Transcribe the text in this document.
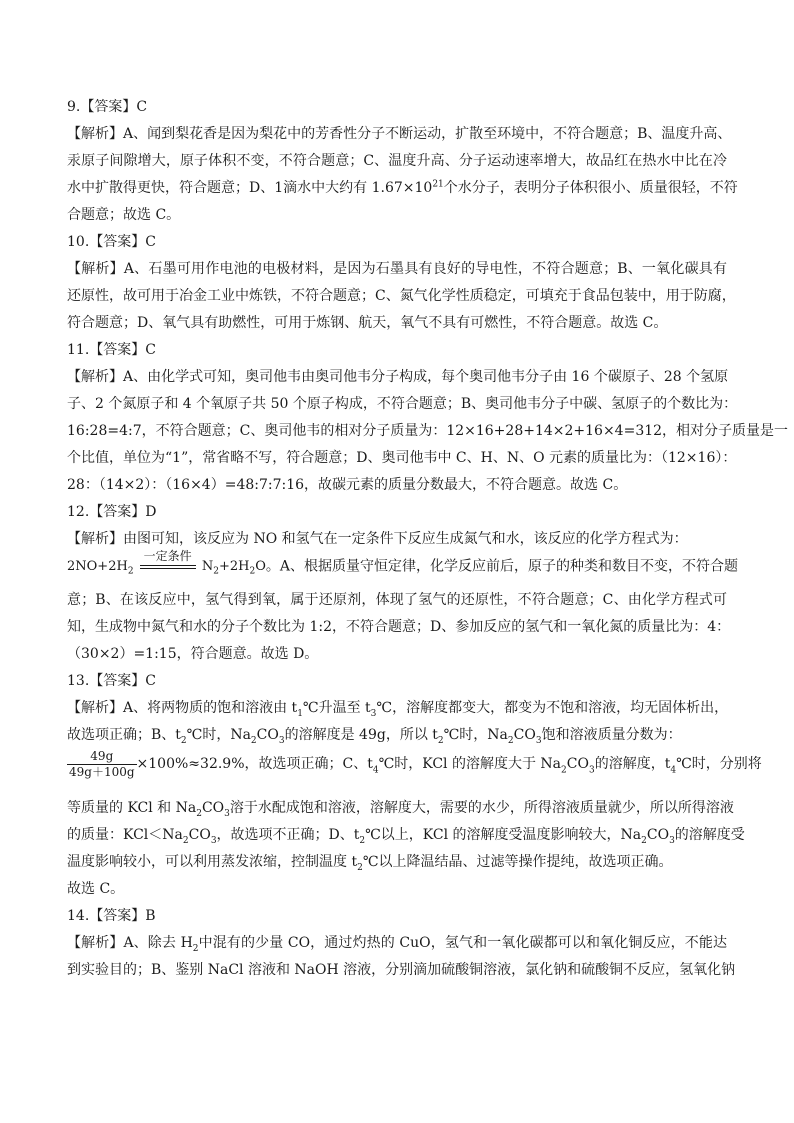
9.【答案】C
【解析】A、闻到梨花香是因为梨花中的芳香性分子不断运动，扩散至环境中，不符合题意；B、温度升高、
汞原子间隙增大，原子体积不变，不符合题意；C、温度升高、分子运动速率增大，故品红在热水中比在冷
水中扩散得更快，符合题意；D、1滴水中大约有 $1.67\times 10^{21}$个水分子，表明分子体积很小、质量很轻，不符
合题意；故选 C。
10.【答案】C
【解析】A、石墨可用作电池的电极材料，是因为石墨具有良好的导电性，不符合题意；B、一氧化碳具有
还原性，故可用于冶金工业中炼铁，不符合题意；C、氮气化学性质稳定，可填充于食品包装中，用于防腐，
符合题意；D、氧气具有助燃性，可用于炼钢、航天，氧气不具有可燃性，不符合题意。故选 C。
11.【答案】C
【解析】A、由化学式可知，奥司他韦由奥司他韦分子构成，每个奥司他韦分子由 16 个碳原子、28 个氢原
子、2 个氮原子和 4 个氧原子共 50 个原子构成，不符合题意；B、奥司他韦分子中碳、氢原子的个数比为：
16:28=4:7，不符合题意；C、奥司他韦的相对分子质量为：12×16+28+14×2+16×4=312，相对分子质量是一
个比值，单位为“1”，常省略不写，符合题意；D、奥司他韦中 C、H、N、O 元素的质量比为：（12×16）：
28：（14×2）：（16×4）=48:7:7:16，故碳元素的质量分数最大，不符合题意。故选 C。
12.【答案】D
【解析】由图可知，该反应为 NO 和氢气在一定条件下反应生成氮气和水，该反应的化学方程式为：
$2NO+2H_2$
一定条件
$N_2+2H_2O$。A、根据质量守恒定律，化学反应前后，原子的种类和数目不变，不符合题
意；B、在该反应中，氢气得到氧，属于还原剂，体现了氢气的还原性，不符合题意；C、由化学方程式可
知，生成物中氮气和水的分子个数比为 1:2，不符合题意；D、参加反应的氢气和一氧化氮的质量比为：4：
（30×2）=1:15，符合题意。故选 D。
13.【答案】C
【解析】A、将两物质的饱和溶液由 $t_1℃$升温至 $t_3℃$，溶解度都变大，都变为不饱和溶液，均无固体析出，
故选项正确；B、$t_2℃$时，$Na_2CO_3$的溶解度是 49g，所以 $t_2℃$时，$Na_2CO_3$饱和溶液质量分数为：
$\frac{49g}{49g+100g} \times 100\%\approx 32.9\%$，故选项正确；C、$t_4℃$时，KCl 的溶解度大于 $Na_2CO_3$的溶解度，$t_4℃$时，分别将
等质量的 KCl 和 $Na_2CO_3$溶于水配成饱和溶液，溶解度大，需要的水少，所得溶液质量就少，所以所得溶液
的质量：$KCl<Na_2CO_3$，故选项不正确；D、$t_2℃$以上，KCl 的溶解度受温度影响较大，$Na_2CO_3$的溶解度受
温度影响较小，可以利用蒸发浓缩，控制温度 $t_2℃$以上降温结晶、过滤等操作提纯，故选项正确。
故选 C。
14.【答案】B
【解析】A、除去 $H_2$中混有的少量 CO，通过灼热的 CuO，氢气和一氧化碳都可以和氧化铜反应，不能达
到实验目的；B、鉴别 NaCl 溶液和 NaOH 溶液，分别滴加硫酸铜溶液，氯化钠和硫酸铜不反应，氢氧化钠
